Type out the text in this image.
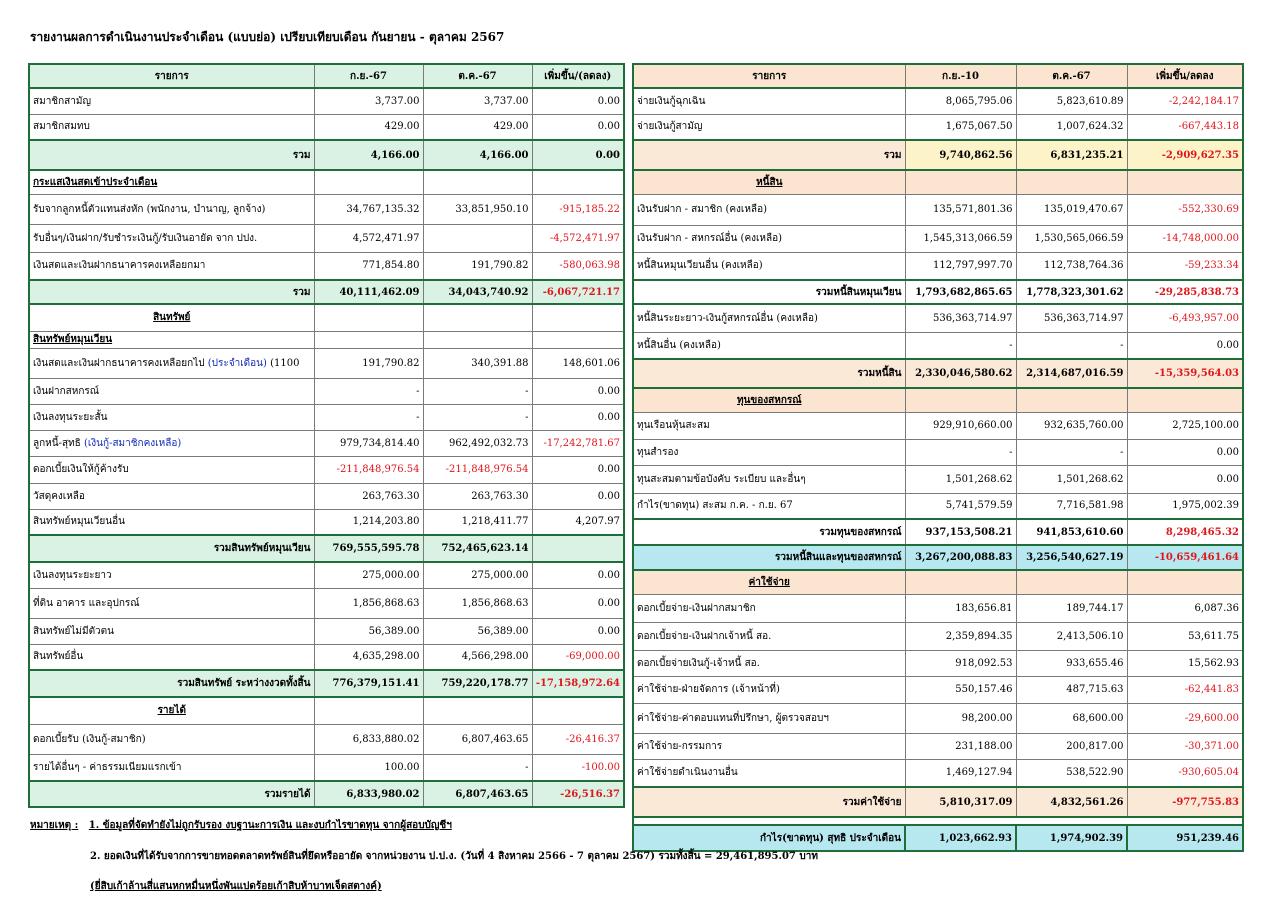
รายงานผลการดำเนินงานประจำเดือน (แบบย่อ) เปรียบเทียบเดือน กันยายน - ตุลาคม 2567
รายการ	ก.ย.-67	ต.ค.-67	เพิ่มขึ้น/(ลดลง)
สมาชิกสามัญ	3,737.00	3,737.00	0.00
สมาชิกสมทบ	429.00	429.00	0.00
รวม	4,166.00	4,166.00	0.00
กระแสเงินสดเข้าประจำเดือน			
รับจากลูกหนี้ตัวแทนส่งหัก (พนักงาน, บำนาญ, ลูกจ้าง)	34,767,135.32	33,851,950.10	-915,185.22
รับอื่นๆ/เงินฝาก/รับชำระเงินกู้/รับเงินอายัด จาก ปปง.	4,572,471.97		-4,572,471.97
เงินสดและเงินฝากธนาคารคงเหลือยกมา	771,854.80	191,790.82	-580,063.98
รวม	40,111,462.09	34,043,740.92	-6,067,721.17
สินทรัพย์			
สินทรัพย์หมุนเวียน			
เงินสดและเงินฝากธนาคารคงเหลือยกไป (ประจำเดือน) (1100	191,790.82	340,391.88	148,601.06
เงินฝากสหกรณ์	-	-	0.00
เงินลงทุนระยะสั้น	-	-	0.00
ลูกหนี้-สุทธิ (เงินกู้-สมาชิกคงเหลือ)	979,734,814.40	962,492,032.73	-17,242,781.67
ดอกเบี้ยเงินให้กู้ค้างรับ	-211,848,976.54	-211,848,976.54	0.00
วัสดุคงเหลือ	263,763.30	263,763.30	0.00
สินทรัพย์หมุนเวียนอื่น	1,214,203.80	1,218,411.77	4,207.97
รวมสินทรัพย์หมุนเวียน	769,555,595.78	752,465,623.14	
เงินลงทุนระยะยาว	275,000.00	275,000.00	0.00
ที่ดิน อาคาร และอุปกรณ์	1,856,868.63	1,856,868.63	0.00
สินทรัพย์ไม่มีตัวตน	56,389.00	56,389.00	0.00
สินทรัพย์อื่น	4,635,298.00	4,566,298.00	-69,000.00
รวมสินทรัพย์ ระหว่างงวดทั้งสิ้น	776,379,151.41	759,220,178.77	-17,158,972.64
รายได้			
ดอกเบี้ยรับ (เงินกู้-สมาชิก)	6,833,880.02	6,807,463.65	-26,416.37
รายได้อื่นๆ - ค่าธรรมเนียมแรกเข้า	100.00	-	-100.00
รวมรายได้	6,833,980.02	6,807,463.65	-26,516.37
รายการ	ก.ย.-10	ต.ค.-67	เพิ่มขึ้น/ลดลง
จ่ายเงินกู้ฉุกเฉิน	8,065,795.06	5,823,610.89	-2,242,184.17
จ่ายเงินกู้สามัญ	1,675,067.50	1,007,624.32	-667,443.18
รวม	9,740,862.56	6,831,235.21	-2,909,627.35
หนี้สิน			
เงินรับฝาก - สมาชิก (คงเหลือ)	135,571,801.36	135,019,470.67	-552,330.69
เงินรับฝาก - สหกรณ์อื่น (คงเหลือ)	1,545,313,066.59	1,530,565,066.59	-14,748,000.00
หนี้สินหมุนเวียนอื่น (คงเหลือ)	112,797,997.70	112,738,764.36	-59,233.34
รวมหนี้สินหมุนเวียน	1,793,682,865.65	1,778,323,301.62	-29,285,838.73
หนี้สินระยะยาว-เงินกู้สหกรณ์อื่น (คงเหลือ)	536,363,714.97	536,363,714.97	-6,493,957.00
หนี้สินอื่น (คงเหลือ)	-	-	0.00
รวมหนี้สิน	2,330,046,580.62	2,314,687,016.59	-15,359,564.03
ทุนของสหกรณ์			
ทุนเรือนหุ้นสะสม	929,910,660.00	932,635,760.00	2,725,100.00
ทุนสำรอง	-	-	0.00
ทุนสะสมตามข้อบังคับ ระเบียบ และอื่นๆ	1,501,268.62	1,501,268.62	0.00
กำไร(ขาดทุน) สะสม ก.ค. - ก.ย. 67	5,741,579.59	7,716,581.98	1,975,002.39
รวมทุนของสหกรณ์	937,153,508.21	941,853,610.60	8,298,465.32
รวมหนี้สินและทุนของสหกรณ์	3,267,200,088.83	3,256,540,627.19	-10,659,461.64
ค่าใช้จ่าย			
ดอกเบี้ยจ่าย-เงินฝากสมาชิก	183,656.81	189,744.17	6,087.36
ดอกเบี้ยจ่าย-เงินฝากเจ้าหนี้ สอ.	2,359,894.35	2,413,506.10	53,611.75
ดอกเบี้ยจ่ายเงินกู้-เจ้าหนี้ สอ.	918,092.53	933,655.46	15,562.93
ค่าใช้จ่าย-ฝ่ายจัดการ (เจ้าหน้าที่)	550,157.46	487,715.63	-62,441.83
ค่าใช้จ่าย-ค่าตอบแทนที่ปรึกษา, ผู้ตรวจสอบฯ	98,200.00	68,600.00	-29,600.00
ค่าใช้จ่าย-กรรมการ	231,188.00	200,817.00	-30,371.00
ค่าใช้จ่ายดำเนินงานอื่น	1,469,127.94	538,522.90	-930,605.04
รวมค่าใช้จ่าย	5,810,317.09	4,832,561.26	-977,755.83

กำไร(ขาดทุน) สุทธิ ประจำเดือน	1,023,662.93	1,974,902.39	951,239.46
หมายเหตุ : 1. ข้อมูลที่จัดทำยังไม่ถูกรับรอง งบฐานะการเงิน และงบกำไรขาดทุน จากผู้สอบบัญชีฯ
2. ยอดเงินที่ได้รับจากการขายทอดตลาดทรัพย์สินที่ยึดหรืออายัด จากหน่วยงาน ป.ป.ง. (วันที่ 4 สิงหาคม 2566 - 7 ตุลาคม 2567) รวมทั้งสิ้น = 29,461,895.07 บาท
(ยี่สิบเก้าล้านสี่แสนหกหมื่นหนึ่งพันแปดร้อยเก้าสิบห้าบาทเจ็ดสตางค์)
